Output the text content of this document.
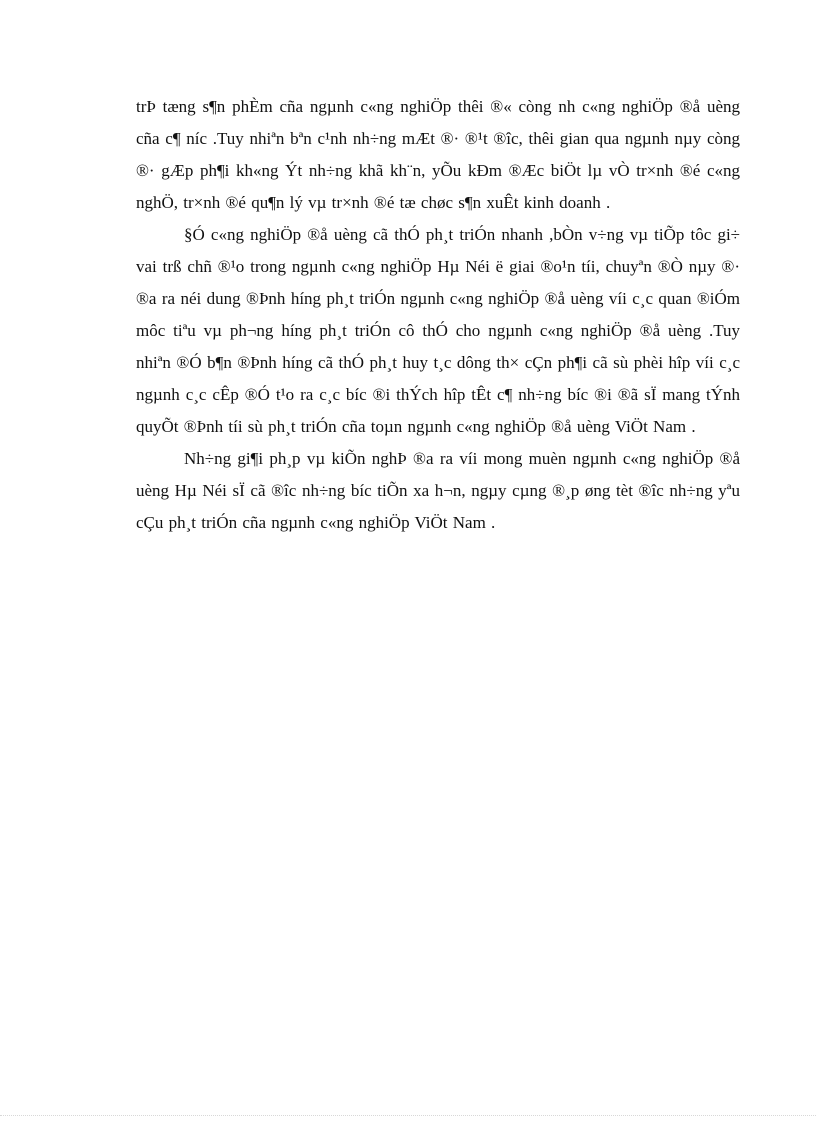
trÞ tæng s¶n phÈm cña ngµnh c«ng nghiÖp thêi ®« còng nh c«ng nghiÖp ®å uèng cña c¶ níc .Tuy nhiªn bªn c¹nh nh÷ng mÆt ®· ®¹t ®îc, thêi gian qua ngµnh nµy còng ®· gÆp ph¶i kh«ng Ýt nh÷ng khã kh¨n, yÕu kÐm ®Æc biÖt lµ vÒ tr×nh ®é c«ng nghÖ, tr×nh ®é qu¶n lý vµ tr×nh ®é tæ chøc s¶n xuÊt kinh doanh .

§Ó c«ng nghiÖp ®å uèng cã thÓ ph¸t triÓn nhanh ,bÒn v÷ng vµ tiÕp tôc gi÷ vai trß chñ ®¹o trong ngµnh c«ng nghiÖp Hµ Néi ë giai ®o¹n tíi, chuyªn ®Ò nµy ®· ®a ra néi dung ®Þnh híng ph¸t triÓn ngµnh c«ng nghiÖp ®å uèng víi c¸c quan ®iÓm môc tiªu vµ ph¬ng híng ph¸t triÓn cô thÓ cho ngµnh c«ng nghiÖp ®å uèng .Tuy nhiªn ®Ó b¶n ®Þnh híng cã thÓ ph¸t huy t¸c dông th× cÇn ph¶i cã sù phèi hîp víi c¸c ngµnh c¸c cÊp ®Ó t¹o ra c¸c bíc ®i thÝch hîp tÊt c¶ nh÷ng bíc ®i ®ã sÏ mang tÝnh quyÕt ®Þnh tíi sù ph¸t triÓn cña toµn ngµnh c«ng nghiÖp ®å uèng ViÖt Nam .

Nh÷ng gi¶i ph¸p vµ kiÕn nghÞ ®a ra víi mong muèn ngµnh c«ng nghiÖp ®å uèng Hµ Néi sÏ cã ®îc nh÷ng bíc tiÕn xa h¬n, ngµy cµng ®¸p øng tèt ®îc nh÷ng yªu cÇu ph¸t triÓn cña ngµnh c«ng nghiÖp ViÖt Nam .
